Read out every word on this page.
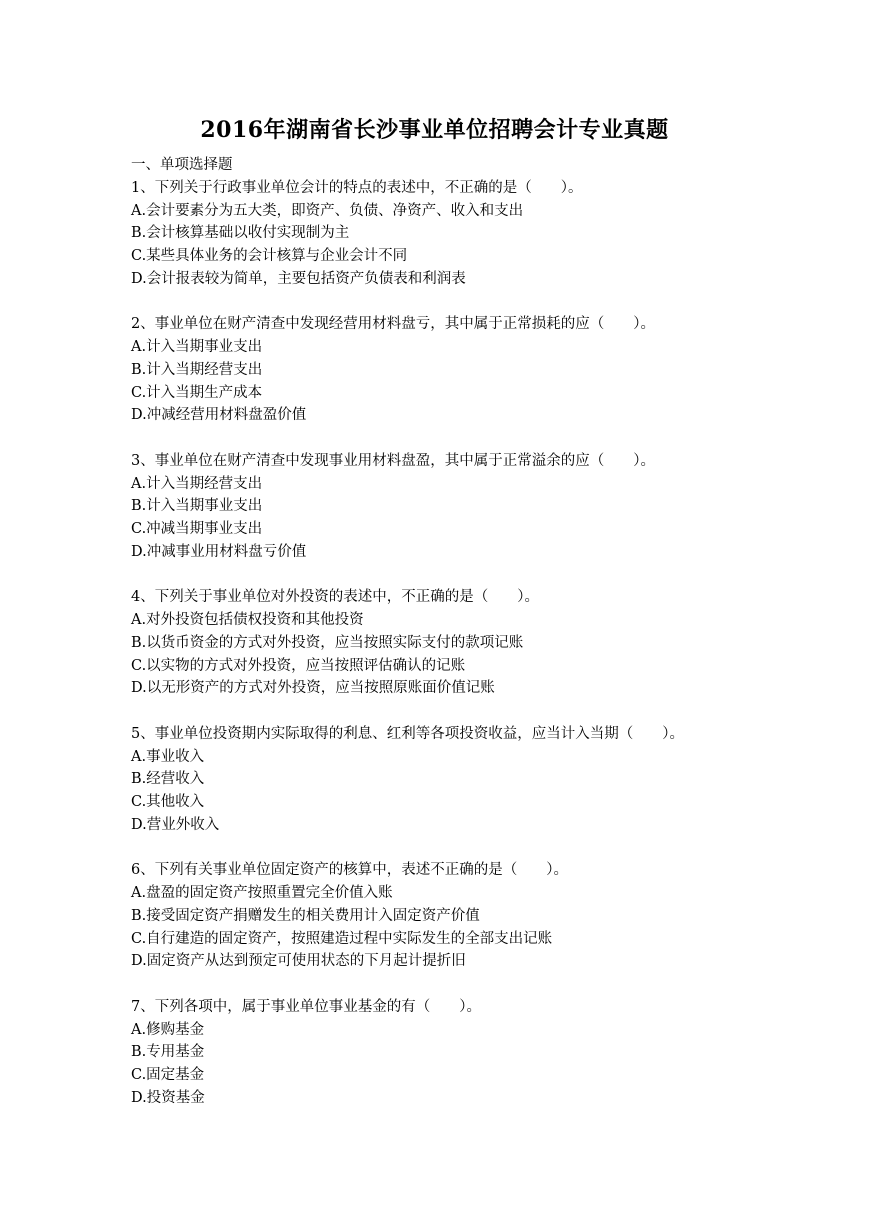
2016年湖南省长沙事业单位招聘会计专业真题
一、单项选择题
1、下列关于行政事业单位会计的特点的表述中，不正确的是（　　）。
A.会计要素分为五大类，即资产、负债、净资产、收入和支出
B.会计核算基础以收付实现制为主
C.某些具体业务的会计核算与企业会计不同
D.会计报表较为简单，主要包括资产负债表和利润表
2、事业单位在财产清查中发现经营用材料盘亏，其中属于正常损耗的应（　　）。
A.计入当期事业支出
B.计入当期经营支出
C.计入当期生产成本
D.冲减经营用材料盘盈价值
3、事业单位在财产清查中发现事业用材料盘盈，其中属于正常溢余的应（　　）。
A.计入当期经营支出
B.计入当期事业支出
C.冲减当期事业支出
D.冲减事业用材料盘亏价值
4、下列关于事业单位对外投资的表述中，不正确的是（　　）。
A.对外投资包括债权投资和其他投资
B.以货币资金的方式对外投资，应当按照实际支付的款项记账
C.以实物的方式对外投资，应当按照评估确认的记账
D.以无形资产的方式对外投资，应当按照原账面价值记账
5、事业单位投资期内实际取得的利息、红利等各项投资收益，应当计入当期（　　）。
A.事业收入
B.经营收入
C.其他收入
D.营业外收入
6、下列有关事业单位固定资产的核算中，表述不正确的是（　　）。
A.盘盈的固定资产按照重置完全价值入账
B.接受固定资产捐赠发生的相关费用计入固定资产价值
C.自行建造的固定资产，按照建造过程中实际发生的全部支出记账
D.固定资产从达到预定可使用状态的下月起计提折旧
7、下列各项中，属于事业单位事业基金的有（　　）。
A.修购基金
B.专用基金
C.固定基金
D.投资基金
